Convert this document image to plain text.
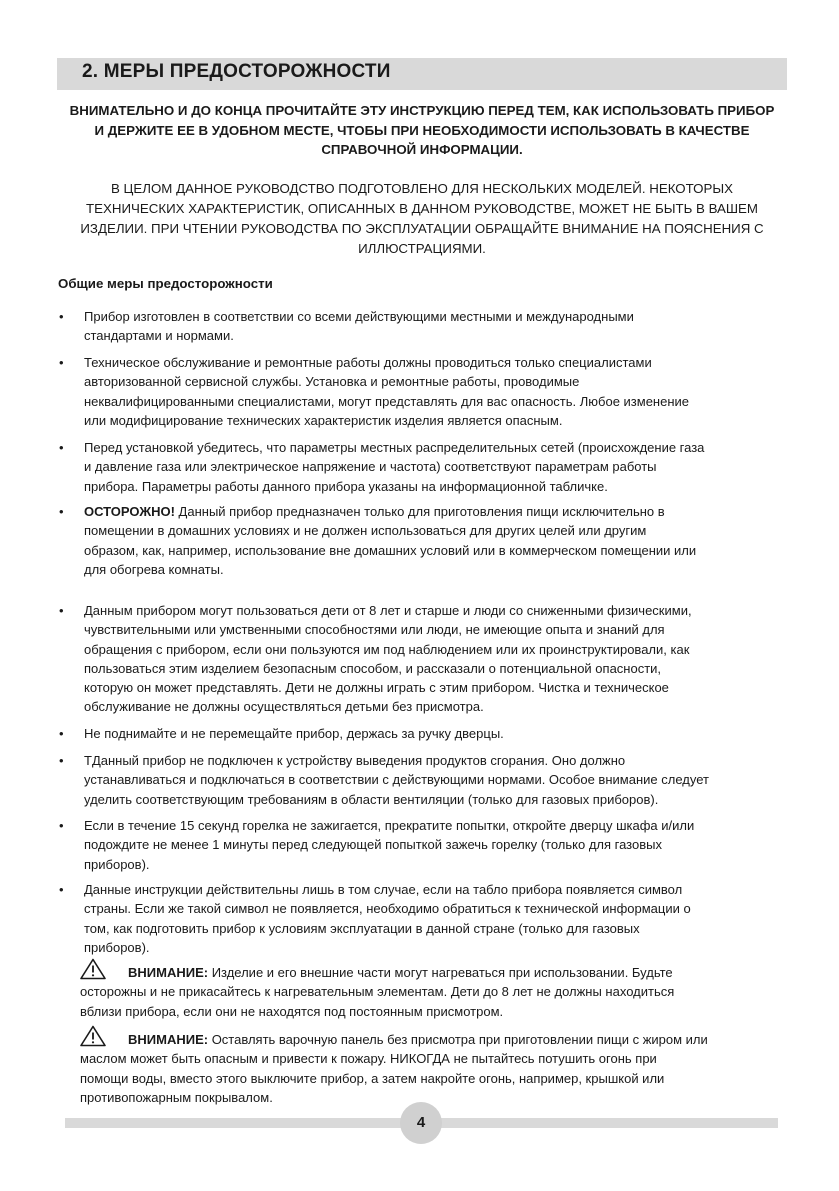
2. МЕРЫ ПРЕДОСТОРОЖНОСТИ
ВНИМАТЕЛЬНО И ДО КОНЦА ПРОЧИТАЙТЕ ЭТУ ИНСТРУКЦИЮ ПЕРЕД ТЕМ, КАК ИСПОЛЬЗОВАТЬ ПРИБОР
И ДЕРЖИТЕ ЕЕ В УДОБНОМ МЕСТЕ, ЧТОБЫ ПРИ НЕОБХОДИМОСТИ ИСПОЛЬЗОВАТЬ В КАЧЕСТВЕ
СПРАВОЧНОЙ ИНФОРМАЦИИ.
В ЦЕЛОМ ДАННОЕ РУКОВОДСТВО ПОДГОТОВЛЕНО ДЛЯ НЕСКОЛЬКИХ МОДЕЛЕЙ. НЕКОТОРЫХ
ТЕХНИЧЕСКИХ ХАРАКТЕРИСТИК, ОПИСАННЫХ В ДАННОМ РУКОВОДСТВЕ, МОЖЕТ НЕ БЫТЬ В ВАШЕМ
ИЗДЕЛИИ. ПРИ ЧТЕНИИ РУКОВОДСТВА ПО ЭКСПЛУАТАЦИИ ОБРАЩАЙТЕ ВНИМАНИЕ НА ПОЯСНЕНИЯ С
ИЛЛЮСТРАЦИЯМИ.
Общие меры предосторожности
•	Прибор изготовлен в соответствии со всеми действующими местными и международными
стандартами и нормами.
•	Техническое обслуживание и ремонтные работы должны проводиться только специалистами
авторизованной сервисной службы. Установка и ремонтные работы, проводимые
неквалифицированными специалистами, могут представлять для вас опасность. Любое изменение
или модифицирование технических характеристик изделия является опасным.
•	Перед установкой убедитесь, что параметры местных распределительных сетей (происхождение газа
и давление газа или электрическое напряжение и частота) соответствуют параметрам работы
прибора. Параметры работы данного прибора указаны на информационной табличке.
•	ОСТОРОЖНО! Данный прибор предназначен только для приготовления пищи исключительно в
помещении в домашних условиях и не должен использоваться для других целей или другим
образом, как, например, использование вне домашних условий или в коммерческом помещении или
для обогрева комнаты.
•	Данным прибором могут пользоваться дети от 8 лет и старше и люди со сниженными физическими,
чувствительными или умственными способностями или люди, не имеющие опыта и знаний для
обращения с прибором, если они пользуются им под наблюдением или их проинструктировали, как
пользоваться этим изделием безопасным способом, и рассказали о потенциальной опасности,
которую он может представлять. Дети не должны играть с этим прибором. Чистка и техническое
обслуживание не должны осуществляться детьми без присмотра.
•	Не поднимайте и не перемещайте прибор, держась за ручку дверцы.
•	TДанный прибор не подключен к устройству выведения продуктов сгорания. Оно должно
устанавливаться и подключаться в соответствии с действующими нормами. Особое внимание следует
уделить соответствующим требованиям в области вентиляции (только для газовых приборов).
•	Если в течение 15 секунд горелка не зажигается, прекратите попытки, откройте дверцу шкафа и/или
подождите не менее 1 минуты перед следующей попыткой зажечь горелку (только для газовых
приборов).
•	Данные инструкции действительны лишь в том случае, если на табло прибора появляется символ
страны. Если же такой символ не появляется, необходимо обратиться к технической информации о
том, как подготовить прибор к условиям эксплуатации в данной стране (только для газовых
приборов).
ВНИМАНИЕ: Изделие и его внешние части могут нагреваться при использовании. Будьте
осторожны и не прикасайтесь к нагревательным элементам. Дети до 8 лет не должны находиться
вблизи прибора, если они не находятся под постоянным присмотром.
ВНИМАНИЕ: Оставлять варочную панель без присмотра при приготовлении пищи с жиром или
маслом может быть опасным и привести к пожару. НИКОГДА не пытайтесь потушить огонь при
помощи воды, вместо этого выключите прибор, а затем накройте огонь, например, крышкой или
противопожарным покрывалом.
4
